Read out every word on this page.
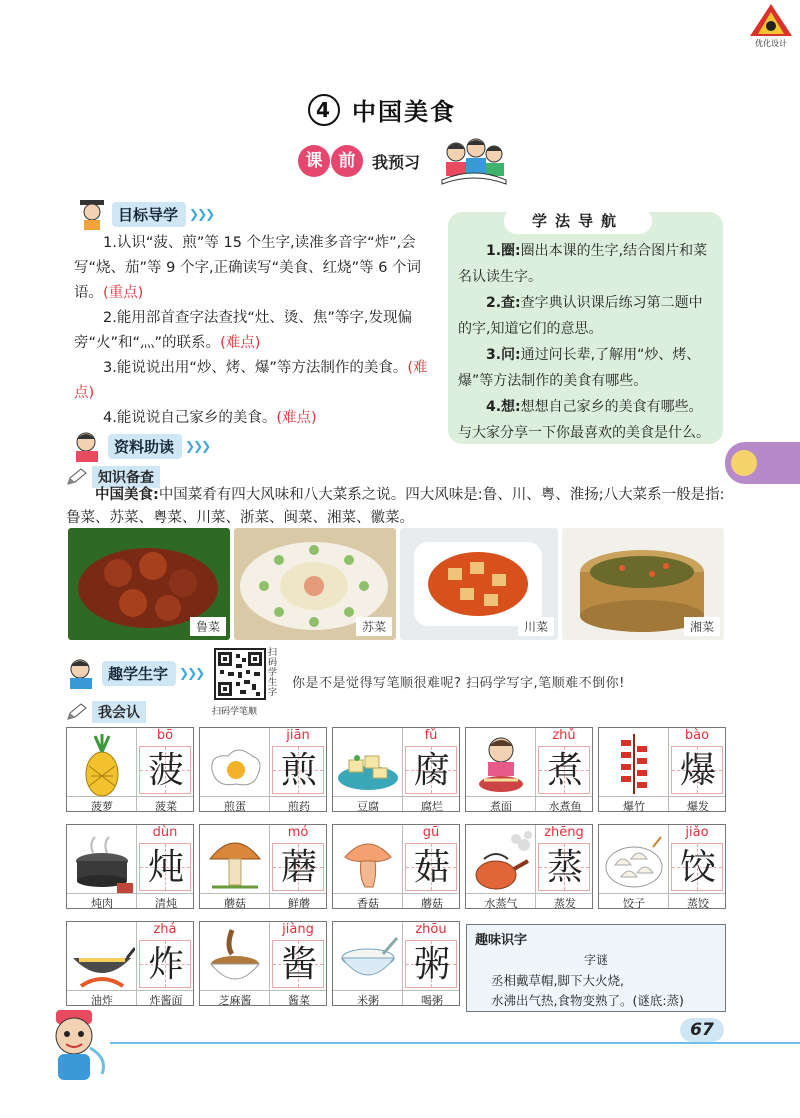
优化设计
4 中国美食
课 前	我预习
目标导学 ❯❯❯
1.认识“菠、煎”等 15 个生字,读准多音字“炸”,会写“烧、茄”等 9 个字,正确读写“美食、红烧”等 6 个词语。(重点)
2.能用部首查字法查找“灶、烫、焦”等字,发现偏旁“火”和“灬”的联系。(难点)
3.能说说出用“炒、烤、爆”等方法制作的美食。(难点)
4.能说说自己家乡的美食。(难点)
学法导航

1.圈:圈出本课的生字,结合图片和菜名认读生字。

2.查:查字典认识课后练习第二题中的字,知道它们的意思。

3.问:通过问长辈,了解用“炒、烤、爆”等方法制作的美食有哪些。

4.想:想想自己家乡的美食有哪些。与大家分享一下你最喜欢的美食是什么。

资料助读 ❯❯❯
知识备查
中国美食:中国菜肴有四大风味和八大菜系之说。四大风味是:鲁、川、粤、淮扬;八大菜系一般是指:鲁菜、苏菜、粤菜、川菜、浙菜、闽菜、湘菜、徽菜。
鲁菜	苏菜	川菜	湘菜
趣学生字 ❯❯❯
扫码学生字
扫码学笔顺
你是不是觉得写笔顺很难呢? 扫码学写字,笔顺难不倒你!
我会认
bō
菠
菠萝	菠菜
jiān
煎
煎蛋	煎药
fǔ
腐
豆腐	腐烂
zhǔ
煮
煮面	水煮鱼
bào
爆
爆竹	爆发
dùn
炖
炖肉	清炖
mó
蘑
蘑菇	鲜蘑
gū
菇
香菇	蘑菇
zhēng
蒸
水蒸气	蒸发
jiǎo
饺
饺子	蒸饺
zhá
炸
油炸	炸酱面
jiàng
酱
芝麻酱	酱菜
zhōu
粥
米粥	喝粥
趣味识字
字谜
丞相戴草帽,脚下大火烧,
水沸出气热,食物变熟了。(谜底:蒸)
67
